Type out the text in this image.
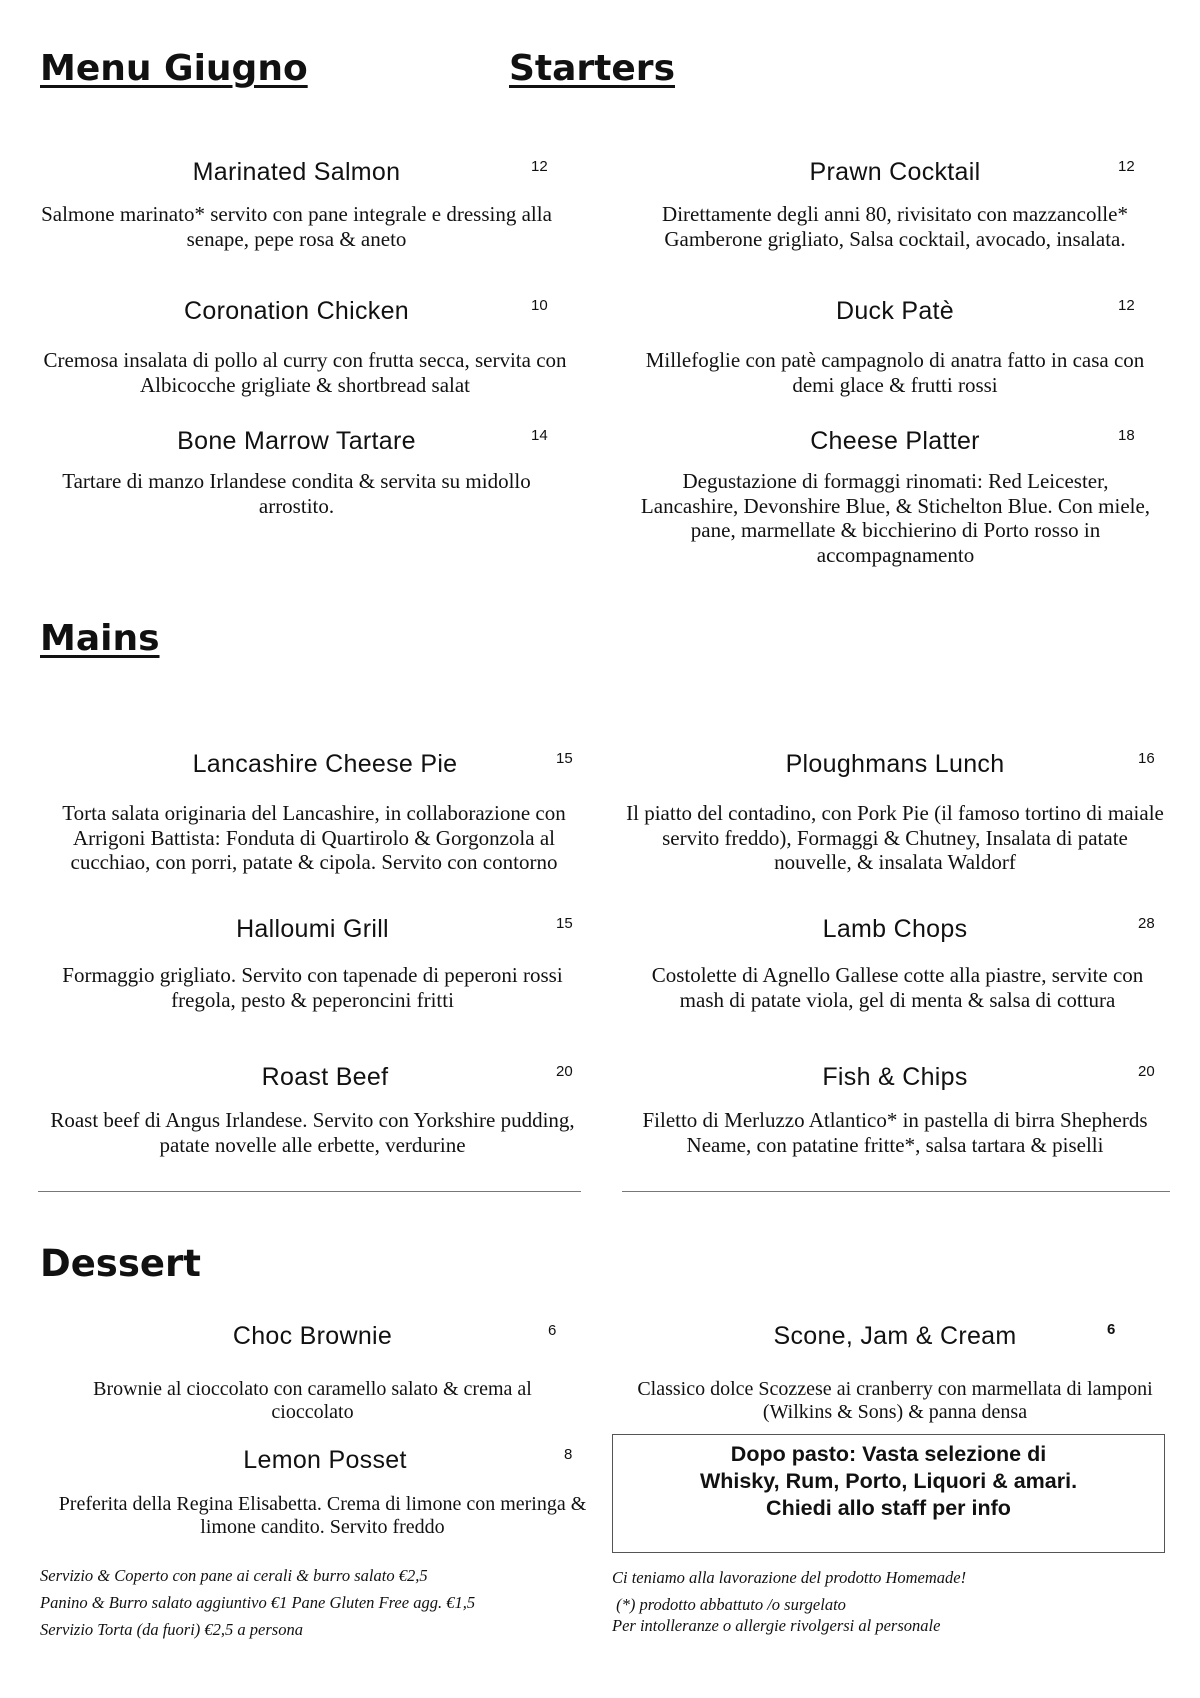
Menu Giugno	Starters
Mains
Dessert
Marinated Salmon	12
Salmone marinato* servito con pane integrale e dressing alla senape, pepe rosa & aneto
Prawn Cocktail	12
Direttamente degli anni 80, rivisitato con mazzancolle* Gamberone grigliato, Salsa cocktail, avocado, insalata.
Coronation Chicken	10
Cremosa insalata di pollo al curry con frutta secca, servita con Albicocche grigliate & shortbread salat
Duck Patè	12
Millefoglie con patè campagnolo di anatra fatto in casa con demi glace & frutti rossi
Bone Marrow Tartare	14
Tartare di manzo Irlandese condita & servita su midollo arrostito.
Cheese Platter	18
Degustazione di formaggi rinomati: Red Leicester, Lancashire, Devonshire Blue, & Stichelton Blue. Con miele, pane, marmellate & bicchierino di Porto rosso in accompagnamento
Lancashire Cheese Pie	15
Torta salata originaria del Lancashire, in collaborazione con Arrigoni Battista: Fonduta di Quartirolo & Gorgonzola al cucchiao, con porri, patate & cipola. Servito con contorno
Ploughmans Lunch	16
Il piatto del contadino, con Pork Pie (il famoso tortino di maiale servito freddo), Formaggi & Chutney, Insalata di patate nouvelle, & insalata Waldorf
Halloumi Grill	15
Formaggio grigliato. Servito con tapenade di peperoni rossi fregola, pesto & peperoncini fritti
Lamb Chops	28
Costolette di Agnello Gallese cotte alla piastre, servite con mash di patate viola, gel di menta & salsa di cottura
Roast Beef	20
Roast beef di Angus Irlandese. Servito con Yorkshire pudding, patate novelle alle erbette, verdurine
Fish & Chips	20
Filetto di Merluzzo Atlantico* in pastella di birra Shepherds Neame, con patatine fritte*, salsa tartara & piselli
Choc Brownie	6
Brownie al cioccolato con caramello salato & crema al cioccolato
Scone, Jam & Cream	6
Classico dolce Scozzese ai cranberry con marmellata di lamponi (Wilkins & Sons) & panna densa
Lemon Posset	8
Preferita della Regina Elisabetta. Crema di limone con meringa & limone candito. Servito freddo
Dopo pasto: Vasta selezione di
Whisky, Rum, Porto, Liquori & amari.
Chiedi allo staff per info
Servizio & Coperto con pane ai cerali & burro salato €2,5
Panino & Burro salato aggiuntivo €1 Pane Gluten Free agg. €1,5
Servizio Torta (da fuori) €2,5 a persona
Ci teniamo alla lavorazione del prodotto Homemade!
(*) prodotto abbattuto /o surgelato
Per intolleranze o allergie rivolgersi al personale
